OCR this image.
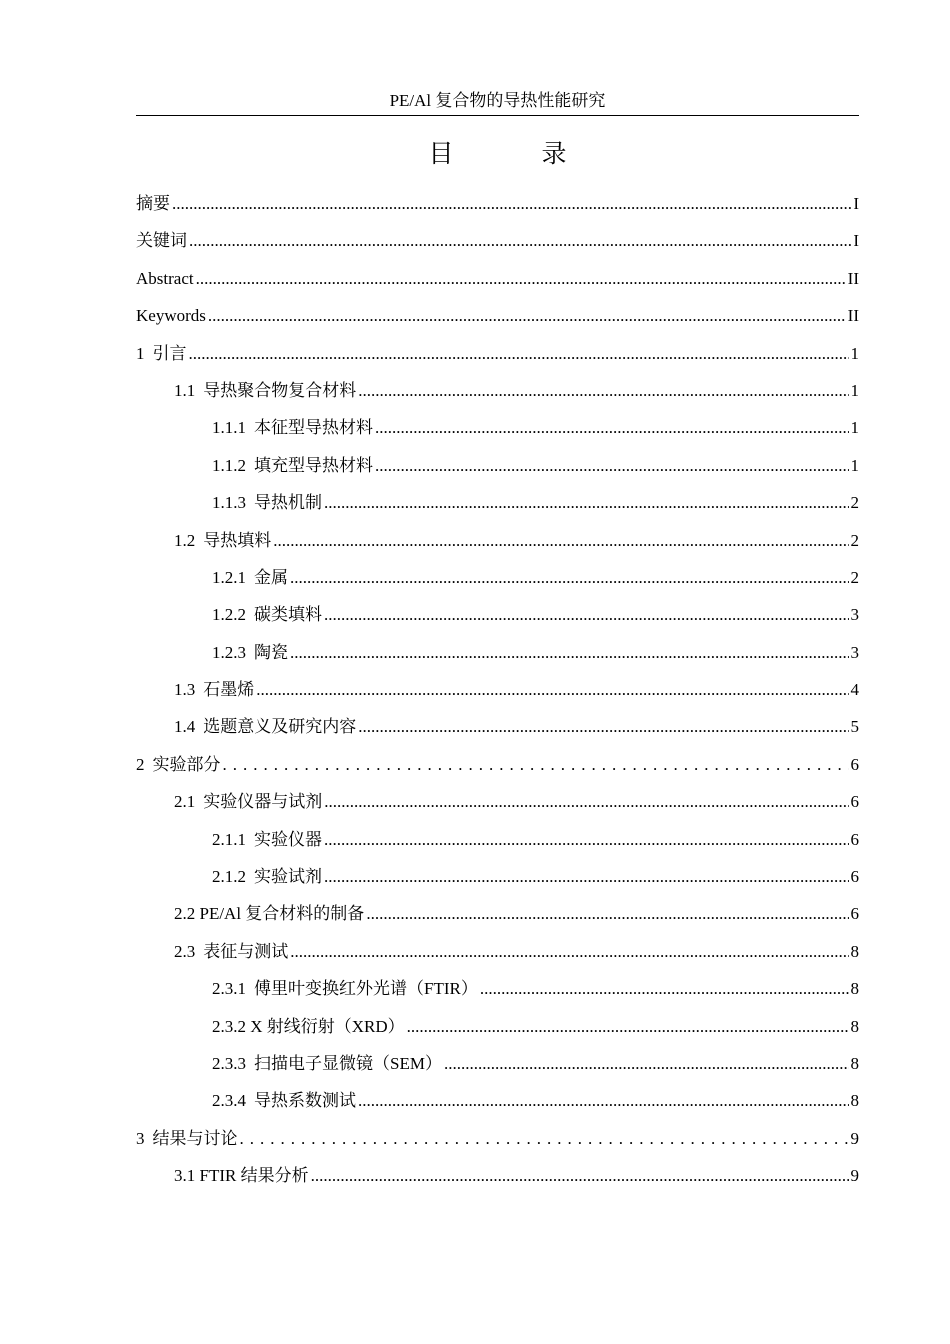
PE/Al 复合物的导热性能研究
目 录
摘要 .....	I
关键词 .....	I
Abstract .....	II
Keywords .....	II
1 引言 .....	1
1.1 导热聚合物复合材料 .....	1
1.1.1 本征型导热材料 .....	1
1.1.2 填充型导热材料 .....	1
1.1.3 导热机制 .....	2
1.2 导热填料 .....	2
1.2.1 金属 .....	2
1.2.2 碳类填料 .....	3
1.2.3 陶瓷 .....	3
1.3 石墨烯 .....	4
1.4 选题意义及研究内容 .....	5
2 实验部分 .....	6
2.1 实验仪器与试剂 .....	6
2.1.1 实验仪器 .....	6
2.1.2 实验试剂 .....	6
2.2 PE/Al 复合材料的制备 .....	6
2.3 表征与测试 .....	8
2.3.1 傅里叶变换红外光谱（FTIR） .....	8
2.3.2 X 射线衍射（XRD） .....	8
2.3.3 扫描电子显微镜（SEM） .....	8
2.3.4 导热系数测试 .....	8
3 结果与讨论 .....	9
3.1 FTIR 结果分析 .....	9
